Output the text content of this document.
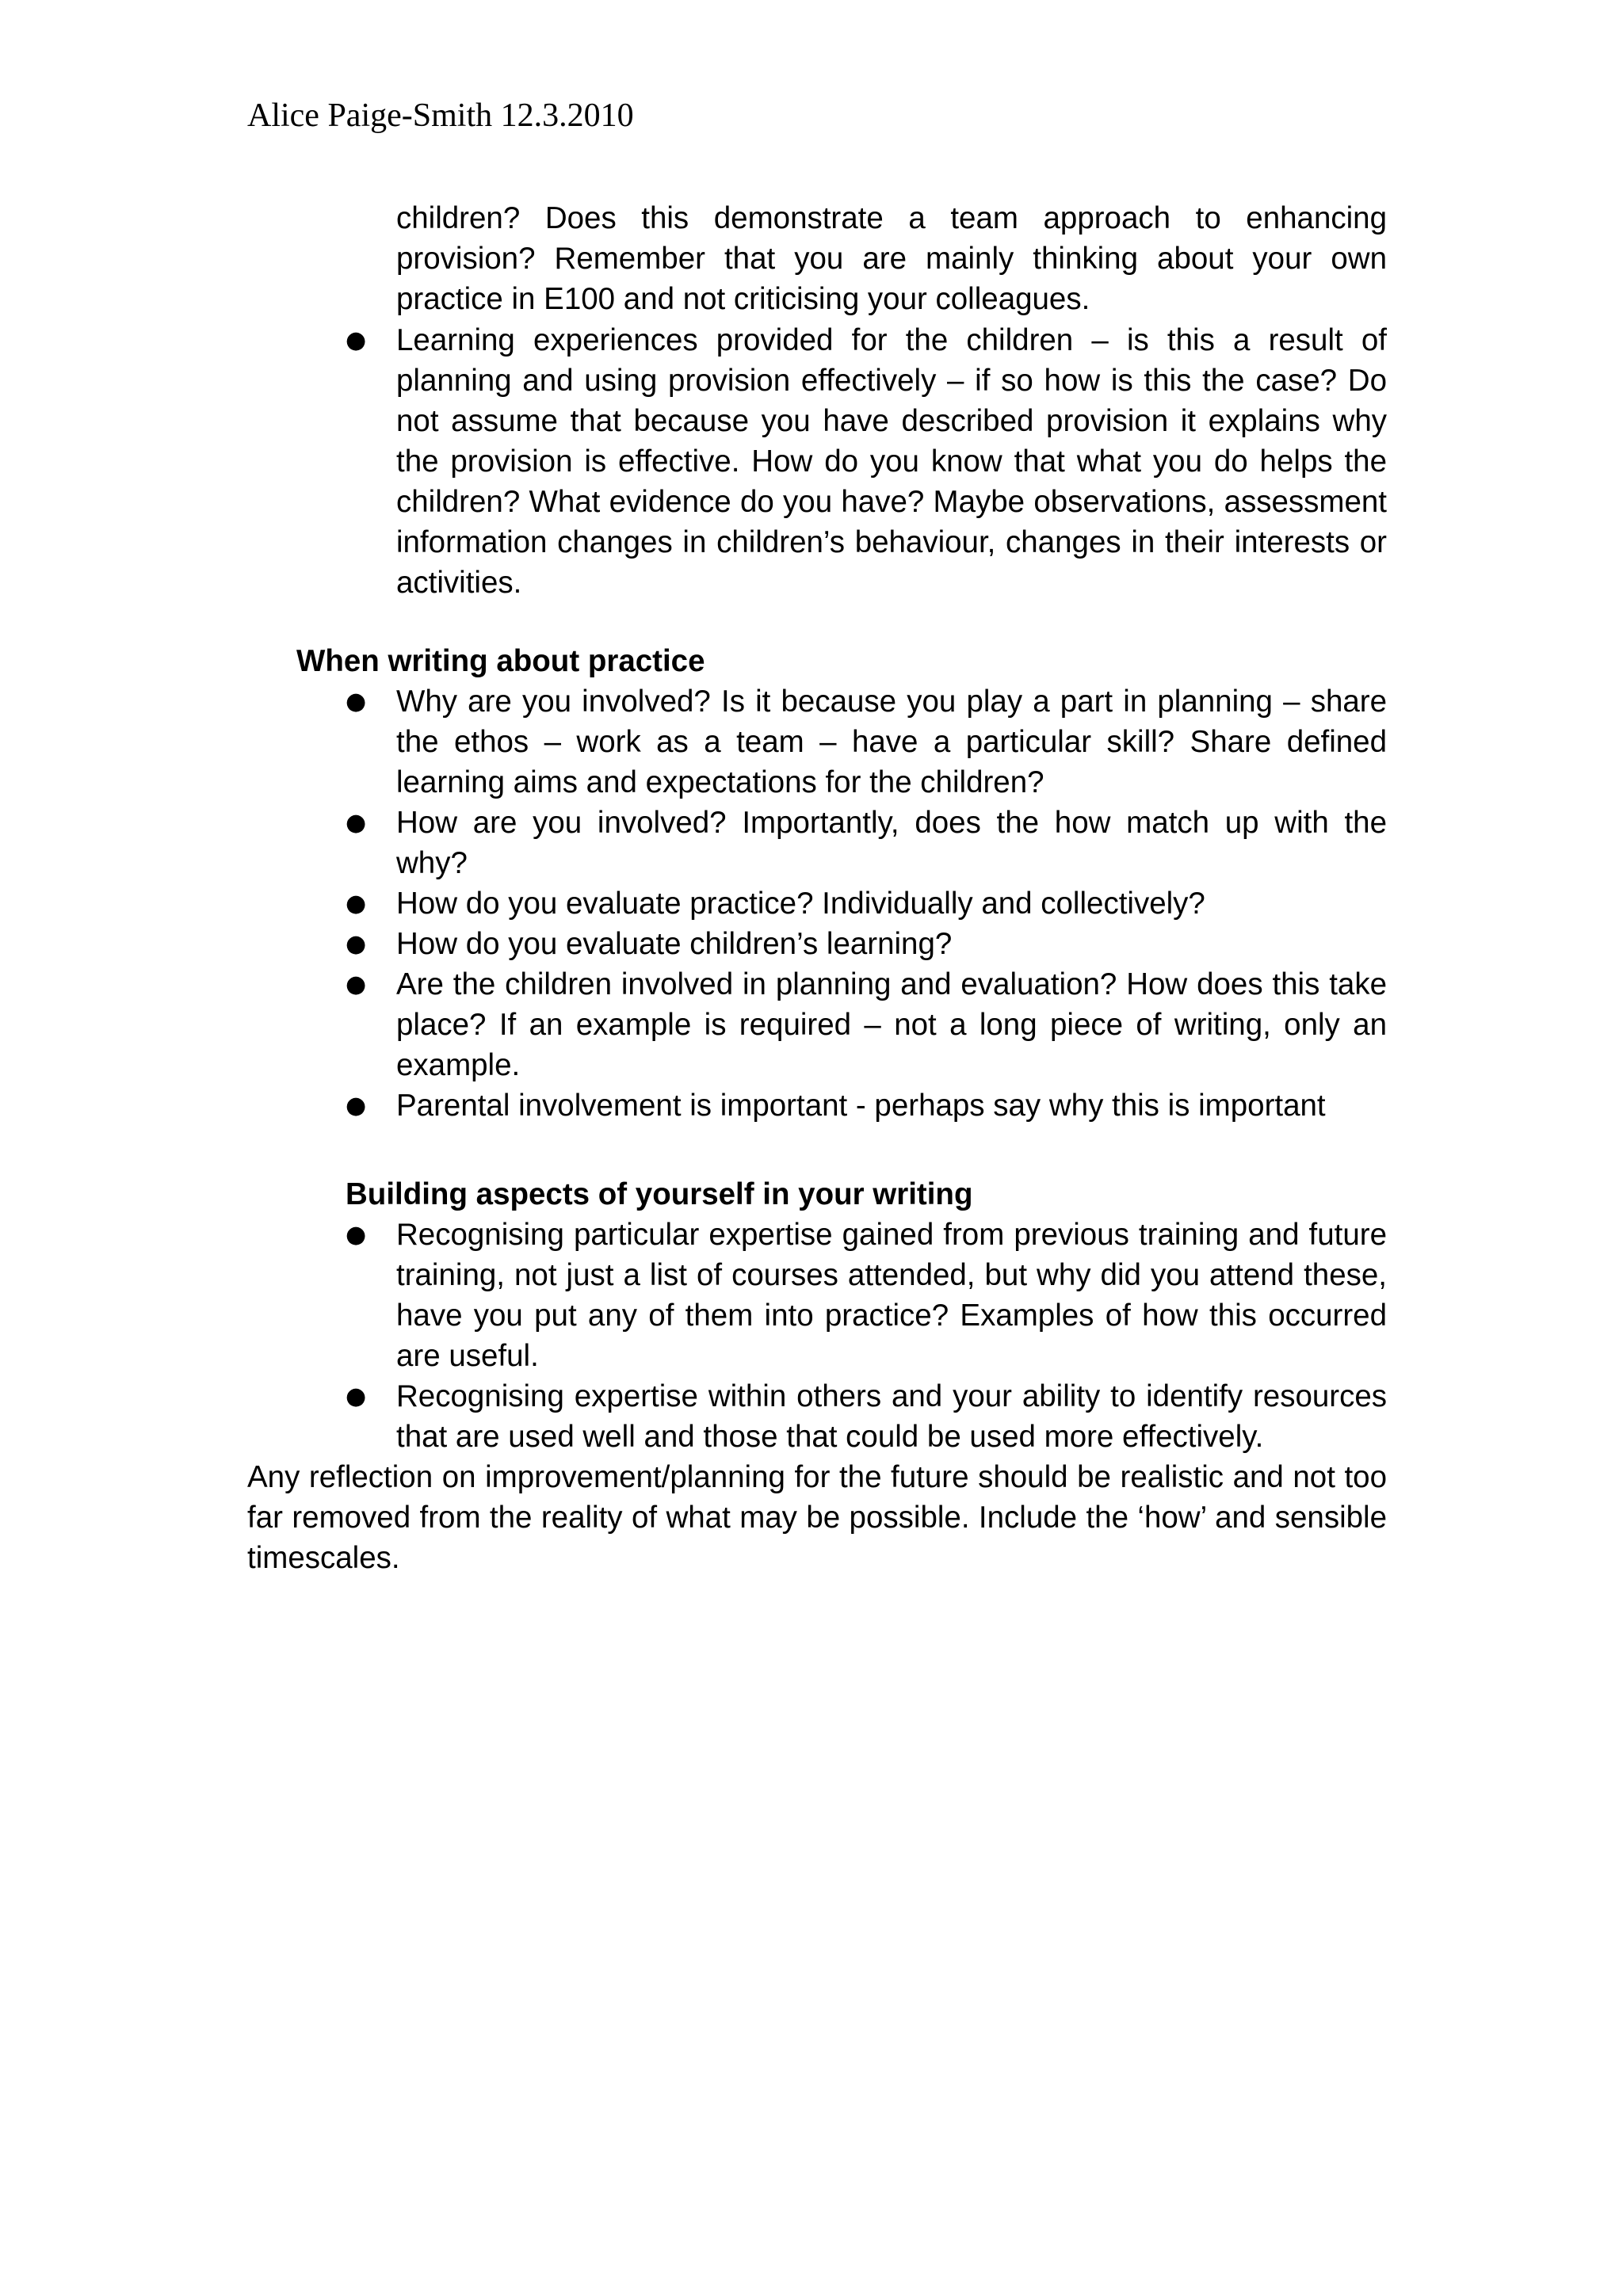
Alice Paige-Smith 12.3.2010
children? Does this demonstrate a team approach to enhancing provision? Remember that you are mainly thinking about your own practice in E100 and not criticising your colleagues.
● Learning experiences provided for the children – is this a result of planning and using provision effectively – if so how is this the case? Do not assume that because you have described provision it explains why the provision is effective. How do you know that what you do helps the children? What evidence do you have? Maybe observations, assessment information changes in children’s behaviour, changes in their interests or activities.
When writing about practice
● Why are you involved? Is it because you play a part in planning – share the ethos – work as a team – have a particular skill? Share defined learning aims and expectations for the children?
● How are you involved? Importantly, does the how match up with the why?
● How do you evaluate practice? Individually and collectively?
● How do you evaluate children’s learning?
● Are the children involved in planning and evaluation? How does this take place? If an example is required – not a long piece of writing, only an example.
● Parental involvement is important - perhaps say why this is important
Building aspects of yourself in your writing
● Recognising particular expertise gained from previous training and future training, not just a list of courses attended, but why did you attend these, have you put any of them into practice? Examples of how this occurred are useful.
● Recognising expertise within others and your ability to identify resources that are used well and those that could be used more effectively.
Any reflection on improvement/planning for the future should be realistic and not too far removed from the reality of what may be possible. Include the ‘how’ and sensible timescales.
